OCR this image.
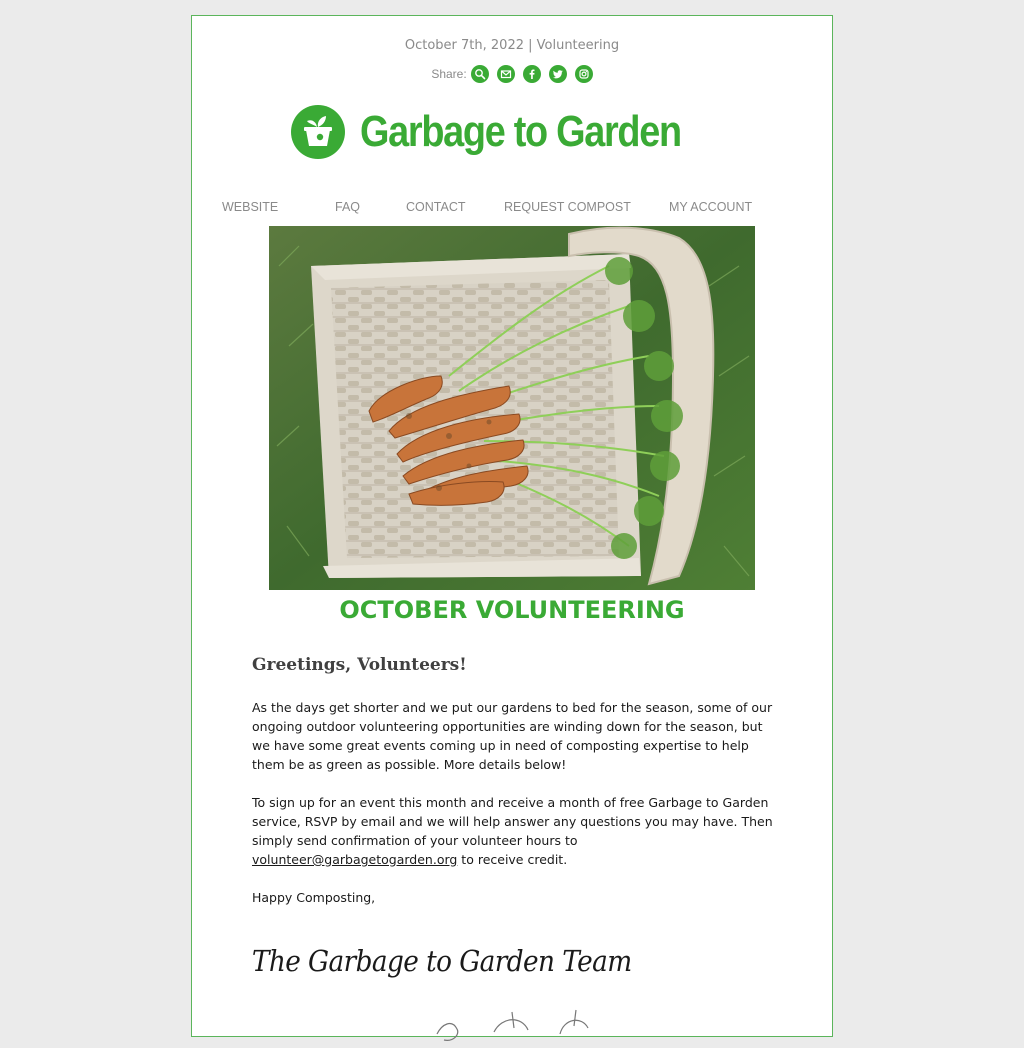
October 7th, 2022 | Volunteering
Share:
Garbage to Garden
WEBSITE	FAQ	CONTACT	REQUEST COMPOST	MY ACCOUNT
OCTOBER VOLUNTEERING
Greetings, Volunteers!
As the days get shorter and we put our gardens to bed for the season, some of our ongoing outdoor volunteering opportunities are winding down for the season, but we have some great events coming up in need of composting expertise to help them be as green as possible. More details below!
To sign up for an event this month and receive a month of free Garbage to Garden service, RSVP by email and we will help answer any questions you may have. Then simply send confirmation of your volunteer hours to volunteer@garbagetogarden.org to receive credit.
Happy Composting,
The Garbage to Garden Team
